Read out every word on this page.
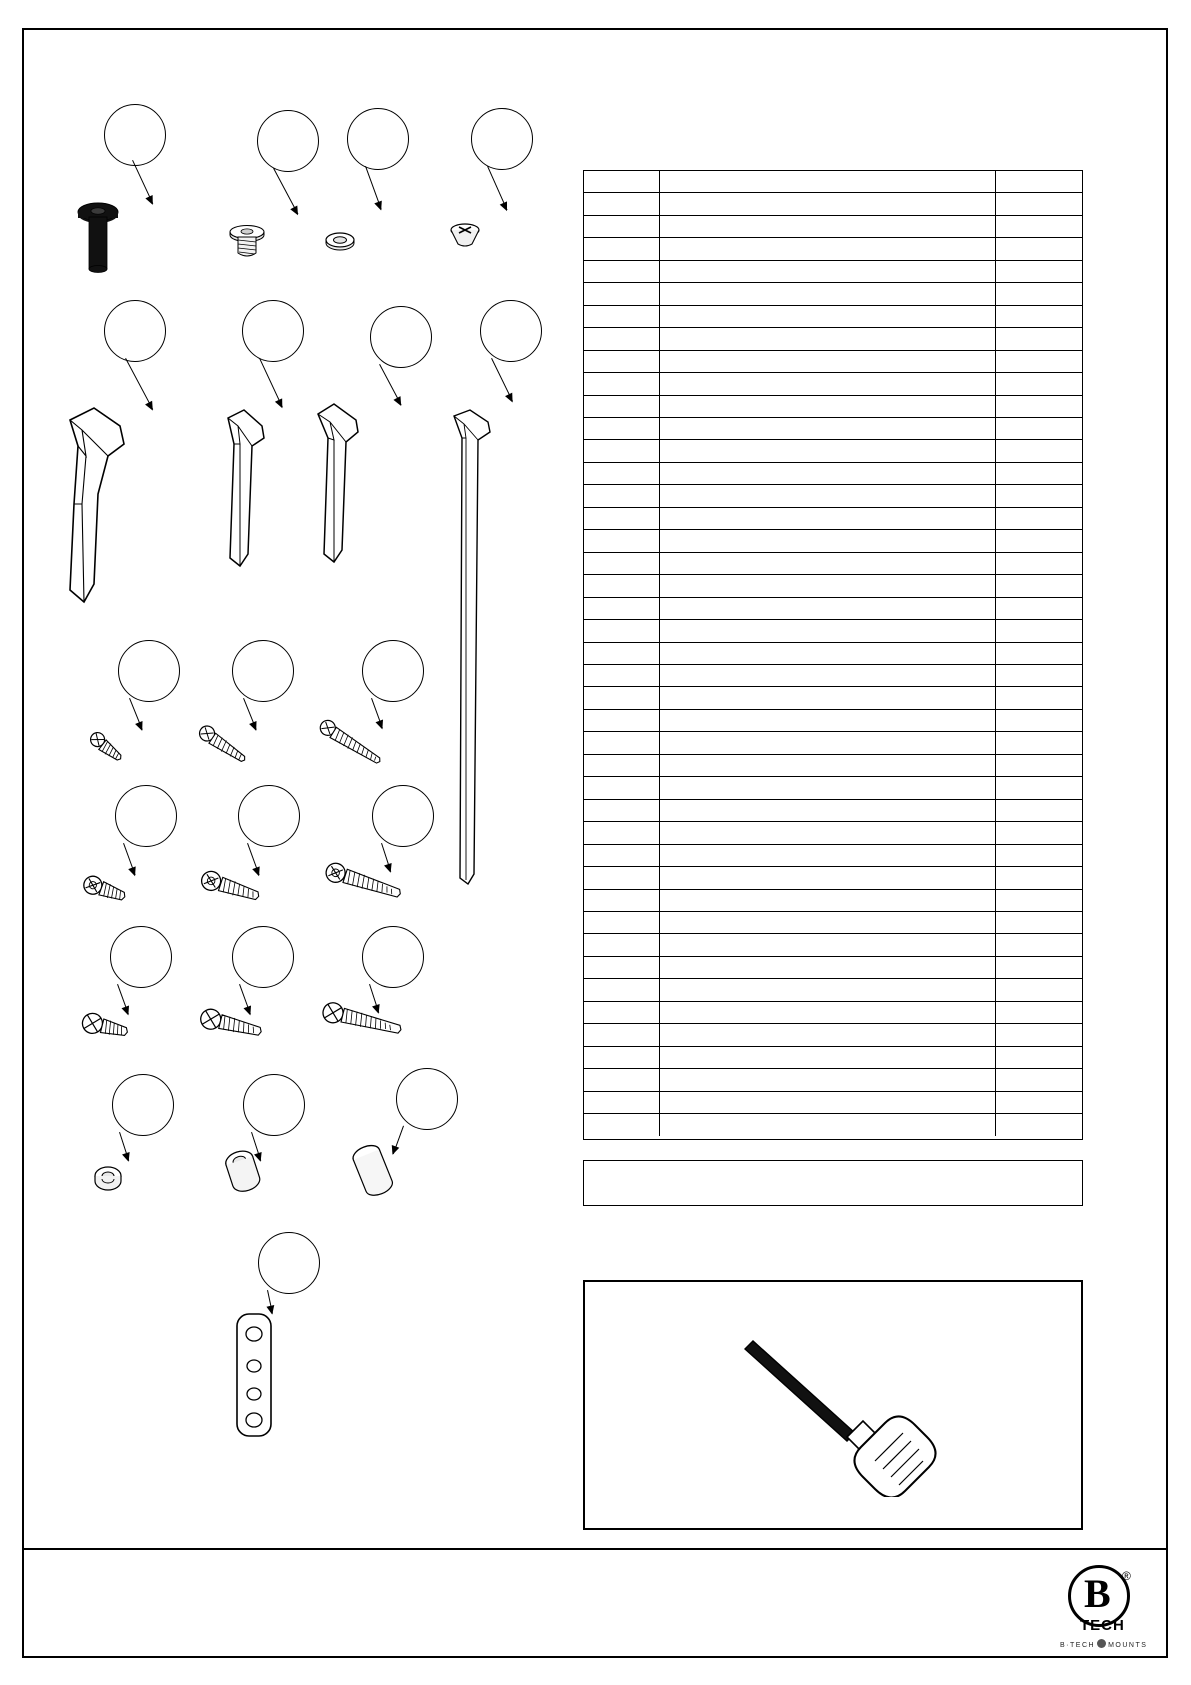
B ®
TECH
B·TECH MOUNTS
